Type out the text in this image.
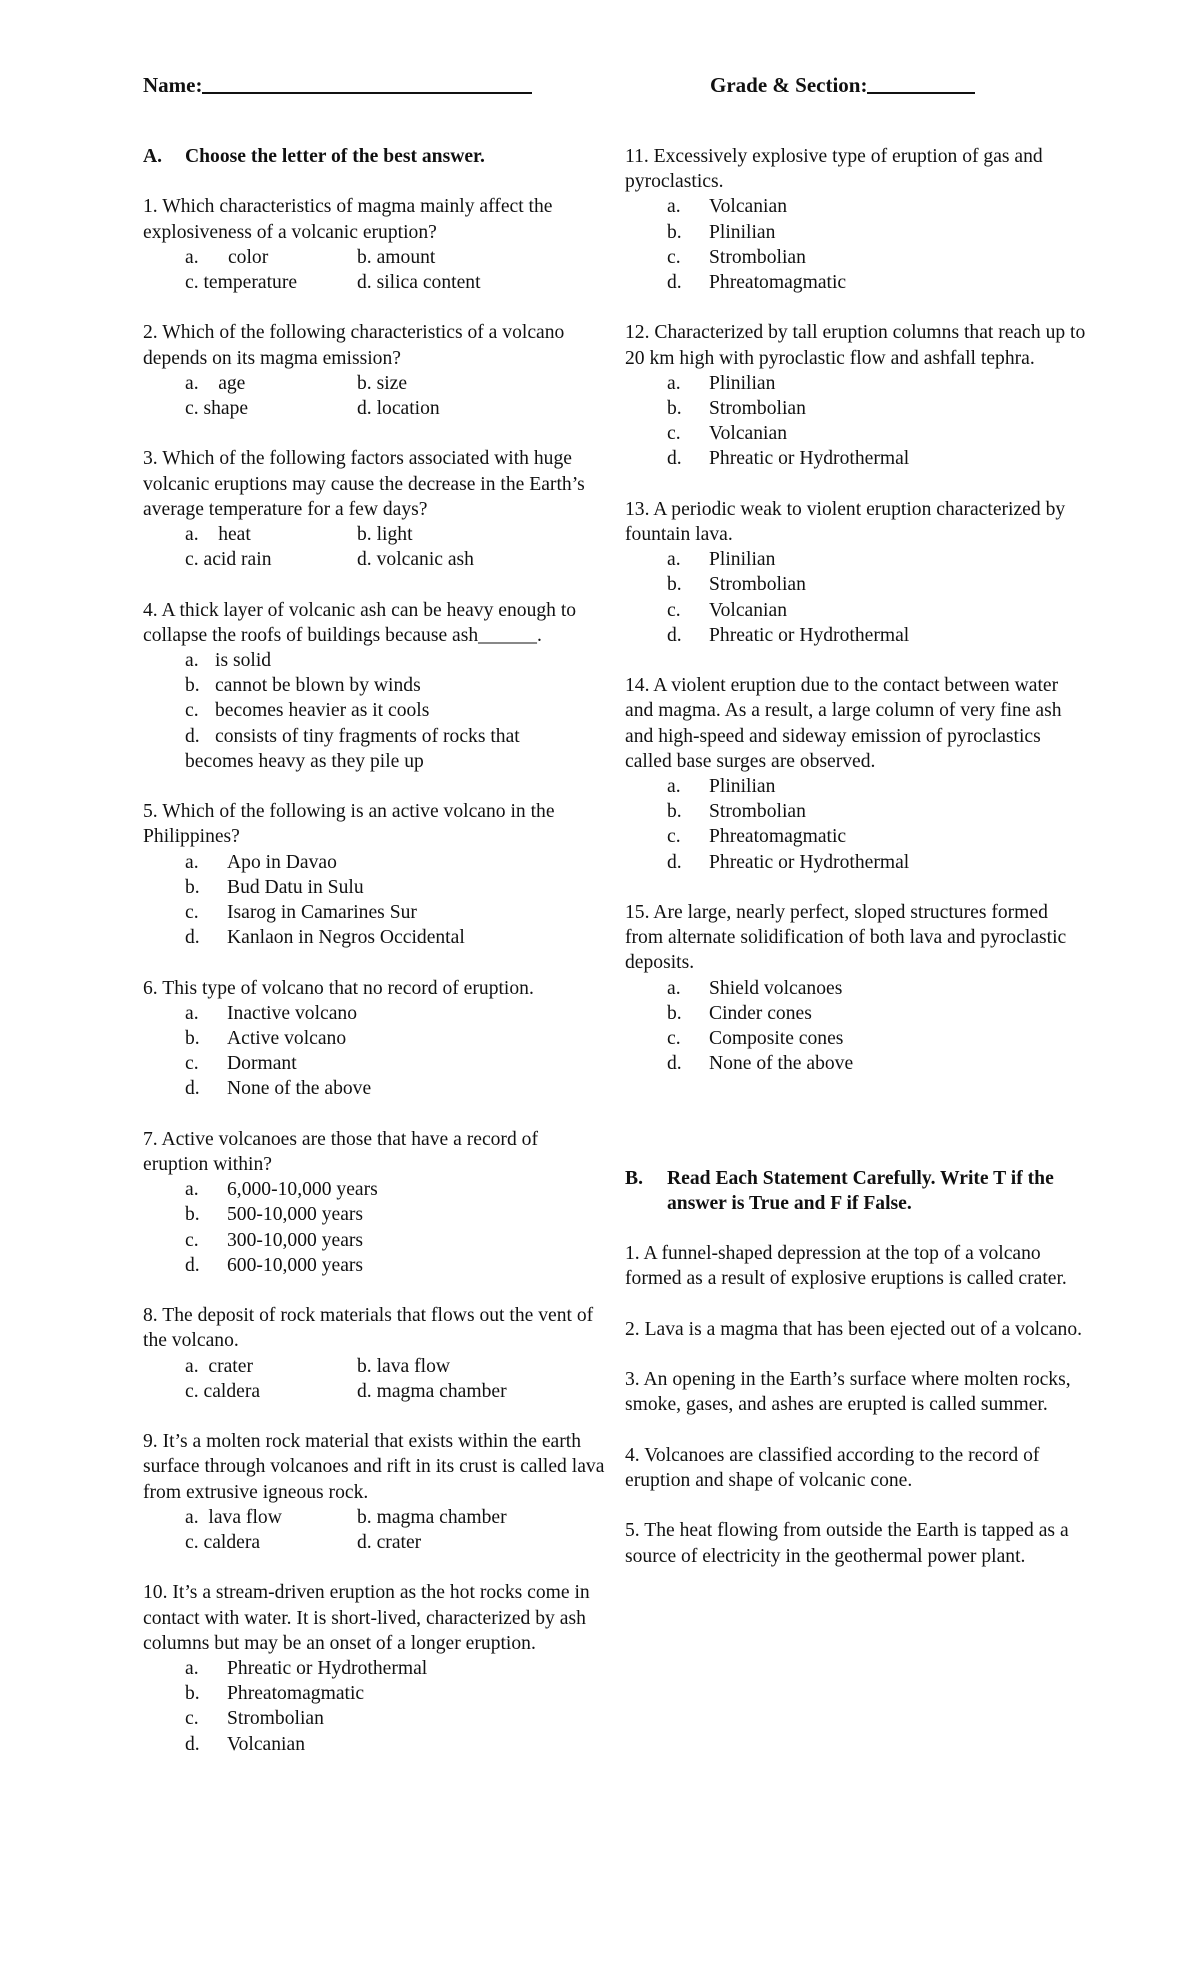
Name:	Grade & Section:
A.	Choose the letter of the best answer.
1. Which characteristics of magma mainly affect the explosiveness of a volcanic eruption?
a.      color	b. amount
c. temperature	d. silica content
2. Which of the following characteristics of a volcano depends on its magma emission?
a.    age	b. size
c. shape	d. location
3. Which of the following factors associated with huge volcanic eruptions may cause the decrease in the Earth’s average temperature for a few days?
a.    heat	b. light
c. acid rain	d. volcanic ash
4. A thick layer of volcanic ash can be heavy enough to collapse the roofs of buildings because ash______.
a. is solid
b. cannot be blown by winds
c. becomes heavier as it cools
d. consists of tiny fragments of rocks that
becomes heavy as they pile up
5. Which of the following is an active volcano in the Philippines?
a.	Apo in Davao
b.	Bud Datu in Sulu
c.	Isarog in Camarines Sur
d.	Kanlaon in Negros Occidental
6. This type of volcano that no record of eruption.
a.	Inactive volcano
b.	Active volcano
c.	Dormant
d.	None of the above
7. Active volcanoes are those that have a record of eruption within?
a.	6,000-10,000 years
b.	500-10,000 years
c.	300-10,000 years
d.	600-10,000 years
8. The deposit of rock materials that flows out the vent of the volcano.
a.  crater	b. lava flow
c. caldera	d. magma chamber
9. It’s a molten rock material that exists within the earth surface through volcanoes and rift in its crust is called lava from extrusive igneous rock.
a.  lava flow	b. magma chamber
c. caldera	d. crater
10. It’s a stream-driven eruption as the hot rocks come in contact with water. It is short-lived, characterized by ash columns but may be an onset of a longer eruption.
a.	Phreatic or Hydrothermal
b.	Phreatomagmatic
c.	Strombolian
d.	Volcanian
11. Excessively explosive type of eruption of gas and pyroclastics.
a.	Volcanian
b.	Plinilian
c.	Strombolian
d.	Phreatomagmatic
12. Characterized by tall eruption columns that reach up to 20 km high with pyroclastic flow and ashfall tephra.
a.	Plinilian
b.	Strombolian
c.	Volcanian
d.	Phreatic or Hydrothermal
13. A periodic weak to violent eruption characterized by fountain lava.
a.	Plinilian
b.	Strombolian
c.	Volcanian
d.	Phreatic or Hydrothermal
14. A violent eruption due to the contact between water and magma. As a result, a large column of very fine ash and high-speed and sideway emission of pyroclastics called base surges are observed.
a.	Plinilian
b.	Strombolian
c.	Phreatomagmatic
d.	Phreatic or Hydrothermal
15. Are large, nearly perfect, sloped structures formed from alternate solidification of both lava and pyroclastic deposits.
a.	Shield volcanoes
b.	Cinder cones
c.	Composite cones
d.	None of the above
B.	Read Each Statement Carefully. Write T if the answer is True and F if False.
1. A funnel-shaped depression at the top of a volcano formed as a result of explosive eruptions is called crater.
2. Lava is a magma that has been ejected out of a volcano.
3. An opening in the Earth’s surface where molten rocks, smoke, gases, and ashes are erupted is called summer.
4. Volcanoes are classified according to the record of eruption and shape of volcanic cone.
5. The heat flowing from outside the Earth is tapped as a source of electricity in the geothermal power plant.
